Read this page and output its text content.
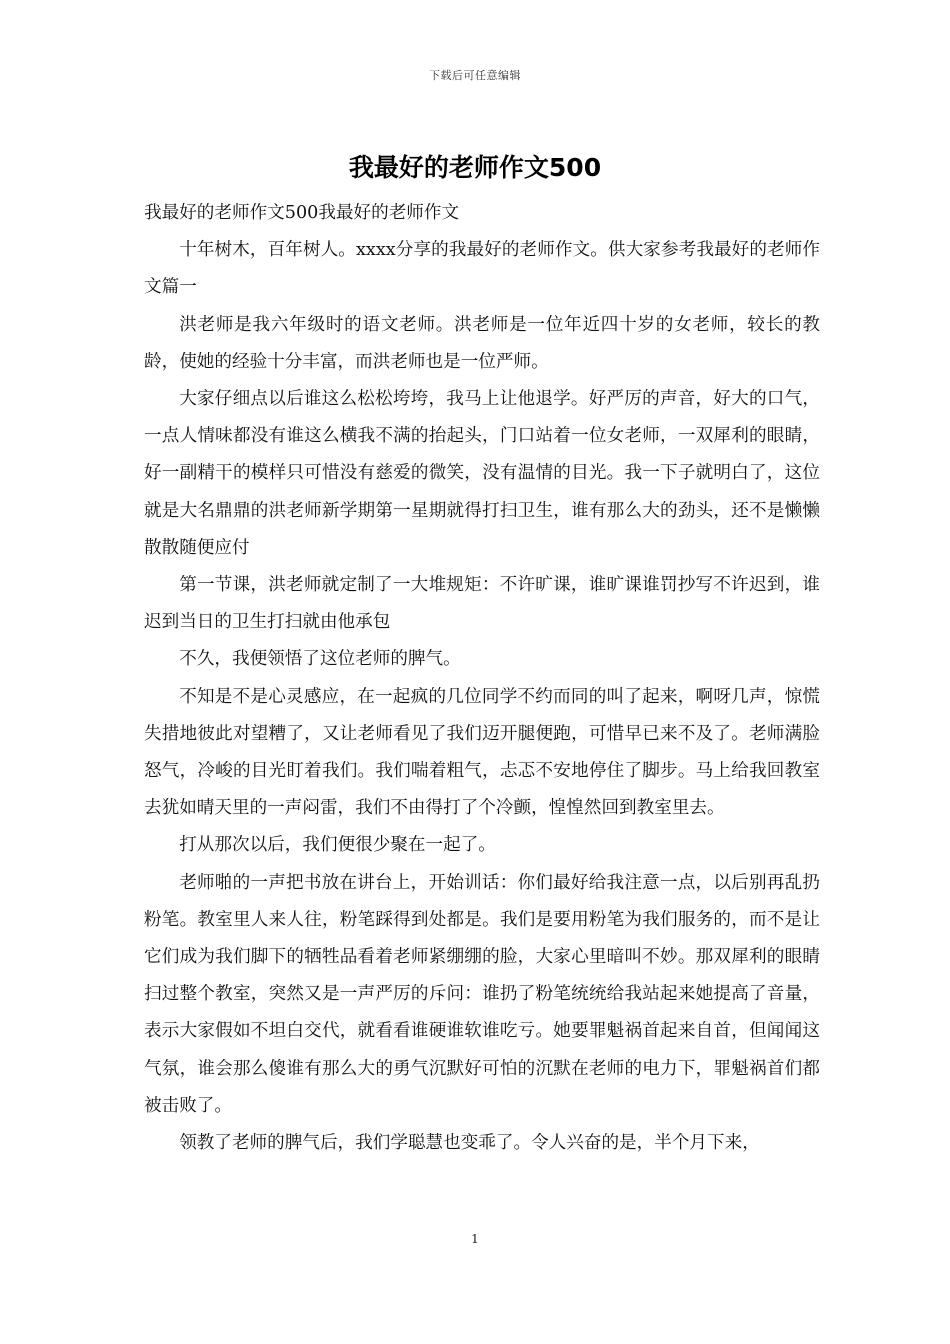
下载后可任意编辑
我最好的老师作文500

我最好的老师作文500我最好的老师作文

十年树木，百年树人。xxxx分享的我最好的老师作文。供大家参考我最好的老师作文篇一

洪老师是我六年级时的语文老师。洪老师是一位年近四十岁的女老师，较长的教龄，使她的经验十分丰富，而洪老师也是一位严师。

大家仔细点以后谁这么松松垮垮，我马上让他退学。好严厉的声音，好大的口气，一点人情味都没有谁这么横我不满的抬起头，门口站着一位女老师，一双犀利的眼睛，好一副精干的模样只可惜没有慈爱的微笑，没有温情的目光。我一下子就明白了，这位就是大名鼎鼎的洪老师新学期第一星期就得打扫卫生，谁有那么大的劲头，还不是懒懒散散随便应付

第一节课，洪老师就定制了一大堆规矩：不许旷课，谁旷课谁罚抄写不许迟到，谁迟到当日的卫生打扫就由他承包

不久，我便领悟了这位老师的脾气。

不知是不是心灵感应，在一起疯的几位同学不约而同的叫了起来，啊呀几声，惊慌失措地彼此对望糟了，又让老师看见了我们迈开腿便跑，可惜早已来不及了。老师满脸怒气，冷峻的目光盯着我们。我们喘着粗气，忐忑不安地停住了脚步。马上给我回教室去犹如晴天里的一声闷雷，我们不由得打了个冷颤，惶惶然回到教室里去。

打从那次以后，我们便很少聚在一起了。

老师啪的一声把书放在讲台上，开始训话：你们最好给我注意一点，以后别再乱扔粉笔。教室里人来人往，粉笔踩得到处都是。我们是要用粉笔为我们服务的，而不是让它们成为我们脚下的牺牲品看着老师紧绷绷的脸，大家心里暗叫不妙。那双犀利的眼睛扫过整个教室，突然又是一声严厉的斥问：谁扔了粉笔统统给我站起来她提高了音量，表示大家假如不坦白交代，就看看谁硬谁软谁吃亏。她要罪魁祸首起来自首，但闻闻这气氛，谁会那么傻谁有那么大的勇气沉默好可怕的沉默在老师的电力下，罪魁祸首们都被击败了。

领教了老师的脾气后，我们学聪慧也变乖了。令人兴奋的是，半个月下来，

1
